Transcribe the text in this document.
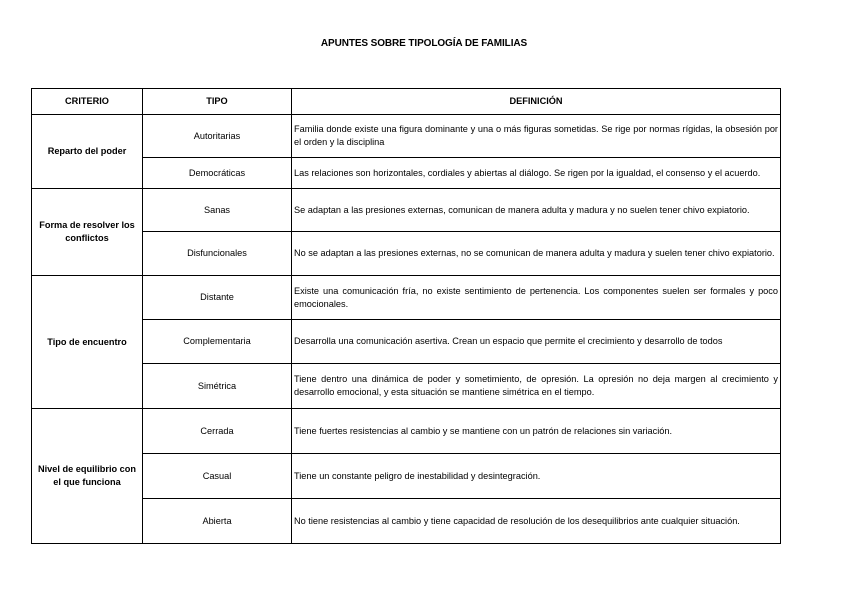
APUNTES SOBRE TIPOLOGÍA DE FAMILIAS
CRITERIO	TIPO	DEFINICIÓN
Reparto del poder	Autoritarias	Familia donde existe una figura dominante y una o más figuras sometidas. Se rige por normas rígidas, la obsesión por el orden y la disciplina
	Democráticas	Las relaciones son horizontales, cordiales y abiertas al diálogo. Se rigen por la igualdad, el consenso y el acuerdo.
Forma de resolver los conflictos	Sanas	Se adaptan a las presiones externas, comunican de manera adulta y madura y no suelen tener chivo expiatorio.
	Disfuncionales	No se adaptan a las presiones externas, no se comunican de manera adulta y madura y suelen tener chivo expiatorio.
Tipo de encuentro	Distante	Existe una comunicación fría, no existe sentimiento de pertenencia. Los componentes suelen ser formales y poco emocionales.
	Complementaria	Desarrolla una comunicación asertiva. Crean un espacio que permite el crecimiento y desarrollo de todos
	Simétrica	Tiene dentro una dinámica de poder y sometimiento, de opresión. La opresión no deja margen al crecimiento y desarrollo emocional, y esta situación se mantiene simétrica en el tiempo.
Nivel de equilibrio con el que funciona	Cerrada	Tiene fuertes resistencias al cambio y se mantiene con un patrón de relaciones sin variación.
	Casual	Tiene un constante peligro de inestabilidad y desintegración.
	Abierta	No tiene resistencias al cambio y tiene capacidad de resolución de los desequilibrios ante cualquier situación.
